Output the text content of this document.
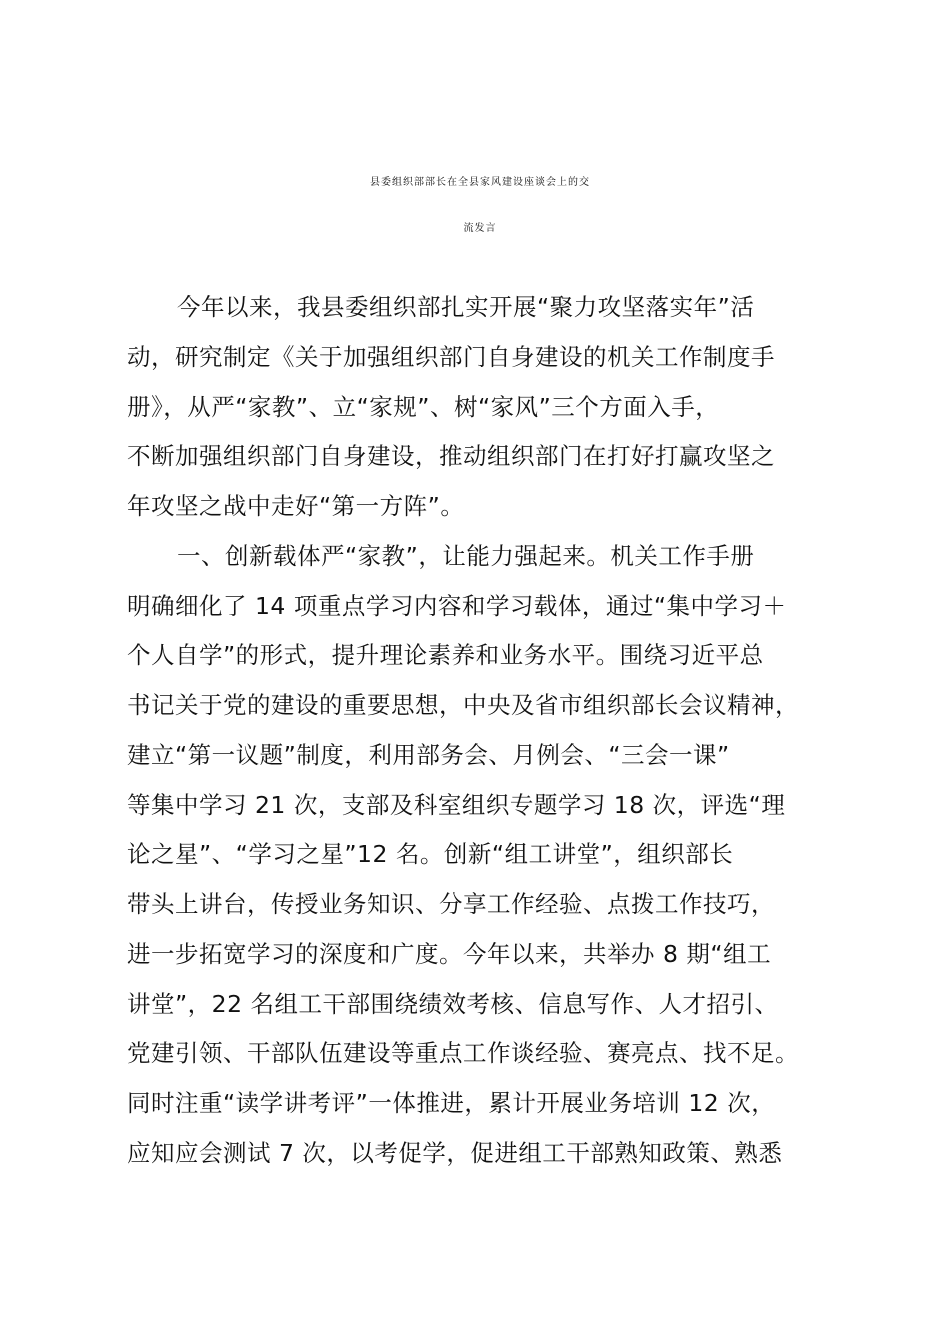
县委组织部部长在全县家风建设座谈会上的交
流发言
今年以来，我县委组织部扎实开展“聚力攻坚落实年”活
动，研究制定《关于加强组织部门自身建设的机关工作制度手
册》，从严“家教”、立“家规”、树“家风”三个方面入手，
不断加强组织部门自身建设，推动组织部门在打好打赢攻坚之
年攻坚之战中走好“第一方阵”。
一、创新载体严“家教”，让能力强起来。机关工作手册
明确细化了 14 项重点学习内容和学习载体，通过“集中学习＋
个人自学”的形式，提升理论素养和业务水平。围绕习近平总
书记关于党的建设的重要思想，中央及省市组织部长会议精神，
建立“第一议题”制度，利用部务会、月例会、“三会一课”
等集中学习 21 次，支部及科室组织专题学习 18 次，评选“理
论之星”、“学习之星”12 名。创新“组工讲堂”，组织部长
带头上讲台，传授业务知识、分享工作经验、点拨工作技巧，
进一步拓宽学习的深度和广度。今年以来，共举办 8 期“组工
讲堂”，22 名组工干部围绕绩效考核、信息写作、人才招引、
党建引领、干部队伍建设等重点工作谈经验、赛亮点、找不足。
同时注重“读学讲考评”一体推进，累计开展业务培训 12 次，
应知应会测试 7 次，以考促学，促进组工干部熟知政策、熟悉
